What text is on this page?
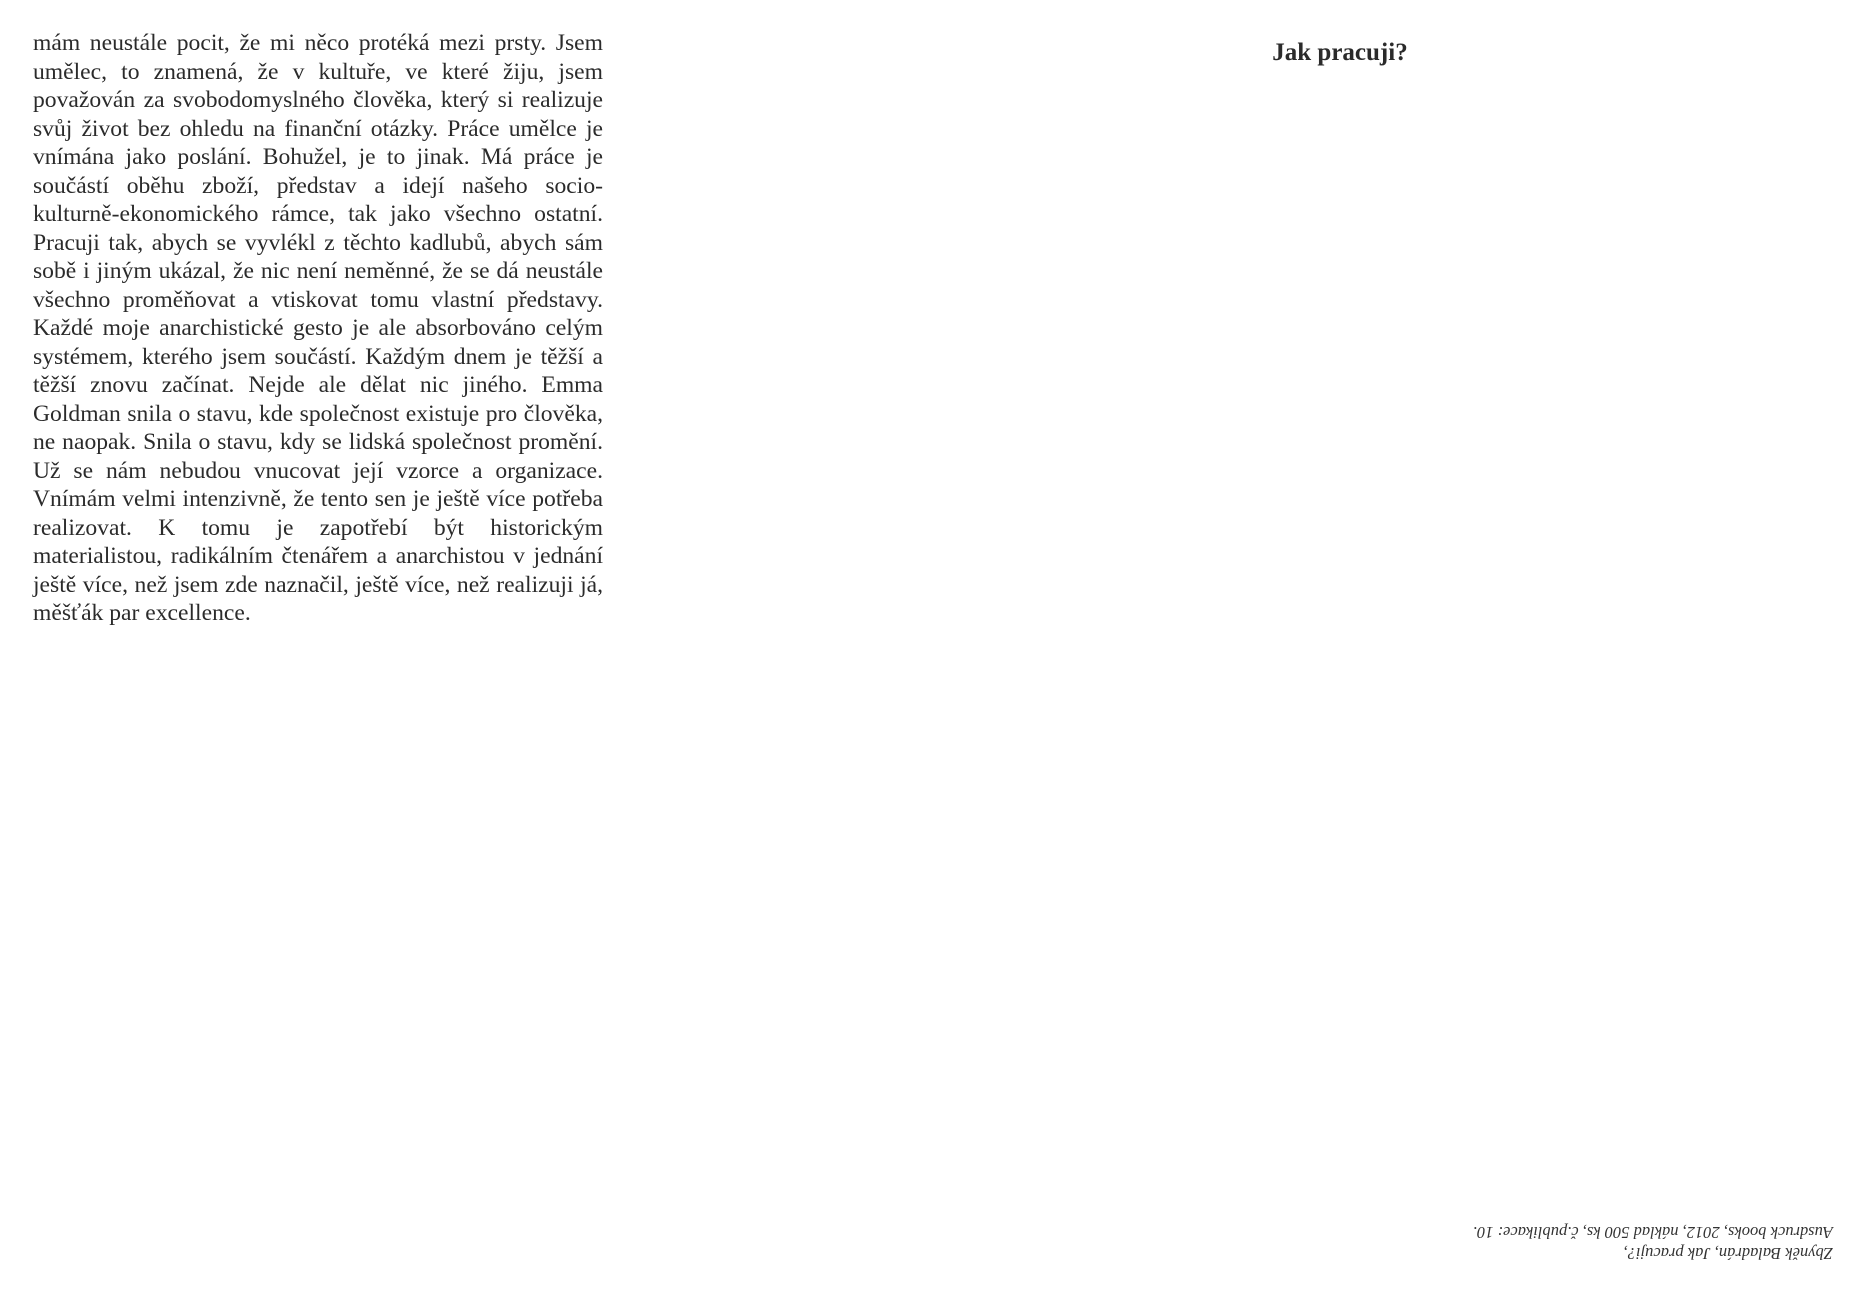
mám neustále pocit, že mi něco protéká mezi prsty. Jsem umělec, to znamená, že v kultuře, ve které žiju, jsem považován za svobodomyslného člověka, který si realizuje svůj život bez ohledu na finanční otázky. Práce umělce je vnímána jako poslání. Bohužel, je to jinak. Má práce je součástí oběhu zboží, představ a idejí našeho socio-kulturně-ekonomického rámce, tak jako všechno ostatní. Pracuji tak, abych se vyvlékl z těchto kadlubů, abych sám sobě i jiným ukázal, že nic není neměnné, že se dá neustále všechno proměňovat a vtiskovat tomu vlastní představy. Každé moje anarchistické gesto je ale absorbováno celým systémem, kterého jsem součástí. Každým dnem je těžší a těžší znovu začínat. Nejde ale dělat nic jiného. Emma Goldman snila o stavu, kde společnost existuje pro člověka, ne naopak. Snila o stavu, kdy se lidská společnost promění. Už se nám nebudou vnucovat její vzorce a organizace. Vnímám velmi intenzivně, že tento sen je ještě více potřeba realizovat. K tomu je zapotřebí být historickým materialistou, radikálním čtenářem a anarchistou v jednání ještě více, než jsem zde naznačil, ještě více, než realizuji já, měšťák par excellence.

Jak pracuji?
Zbyněk Baladrán, Jak pracuji?,
Ausdruck books, 2012, náklad 500 ks, č.publikace: 10.
